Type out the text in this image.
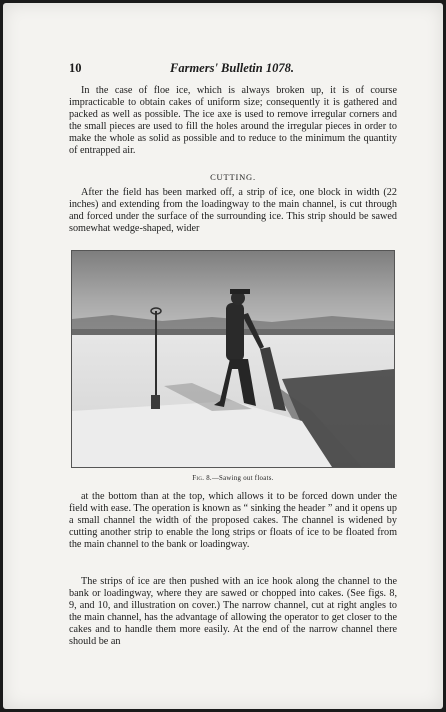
10	Farmers' Bulletin 1078.

In the case of floe ice, which is always broken up, it is of course impracticable to obtain cakes of uniform size; consequently it is gathered and packed as well as possible. The ice axe is used to remove irregular corners and the small pieces are used to fill the holes around the irregular pieces in order to make the whole as solid as possible and to reduce to the minimum the quantity of entrapped air.

CUTTING.

After the field has been marked off, a strip of ice, one block in width (22 inches) and extending from the loadingway to the main channel, is cut through and forced under the surface of the surrounding ice. This strip should be sawed somewhat wedge-shaped, wider

Fig. 8.—Sawing out floats.

at the bottom than at the top, which allows it to be forced down under the field with ease. The operation is known as “ sinking the header ” and it opens up a small channel the width of the proposed cakes. The channel is widened by cutting another strip to enable the long strips or floats of ice to be floated from the main channel to the bank or loadingway.

The strips of ice are then pushed with an ice hook along the channel to the bank or loadingway, where they are sawed or chopped into cakes. (See figs. 8, 9, and 10, and illustration on cover.) The narrow channel, cut at right angles to the main channel, has the advantage of allowing the operator to get closer to the cakes and to handle them more easily. At the end of the narrow channel there should be an
